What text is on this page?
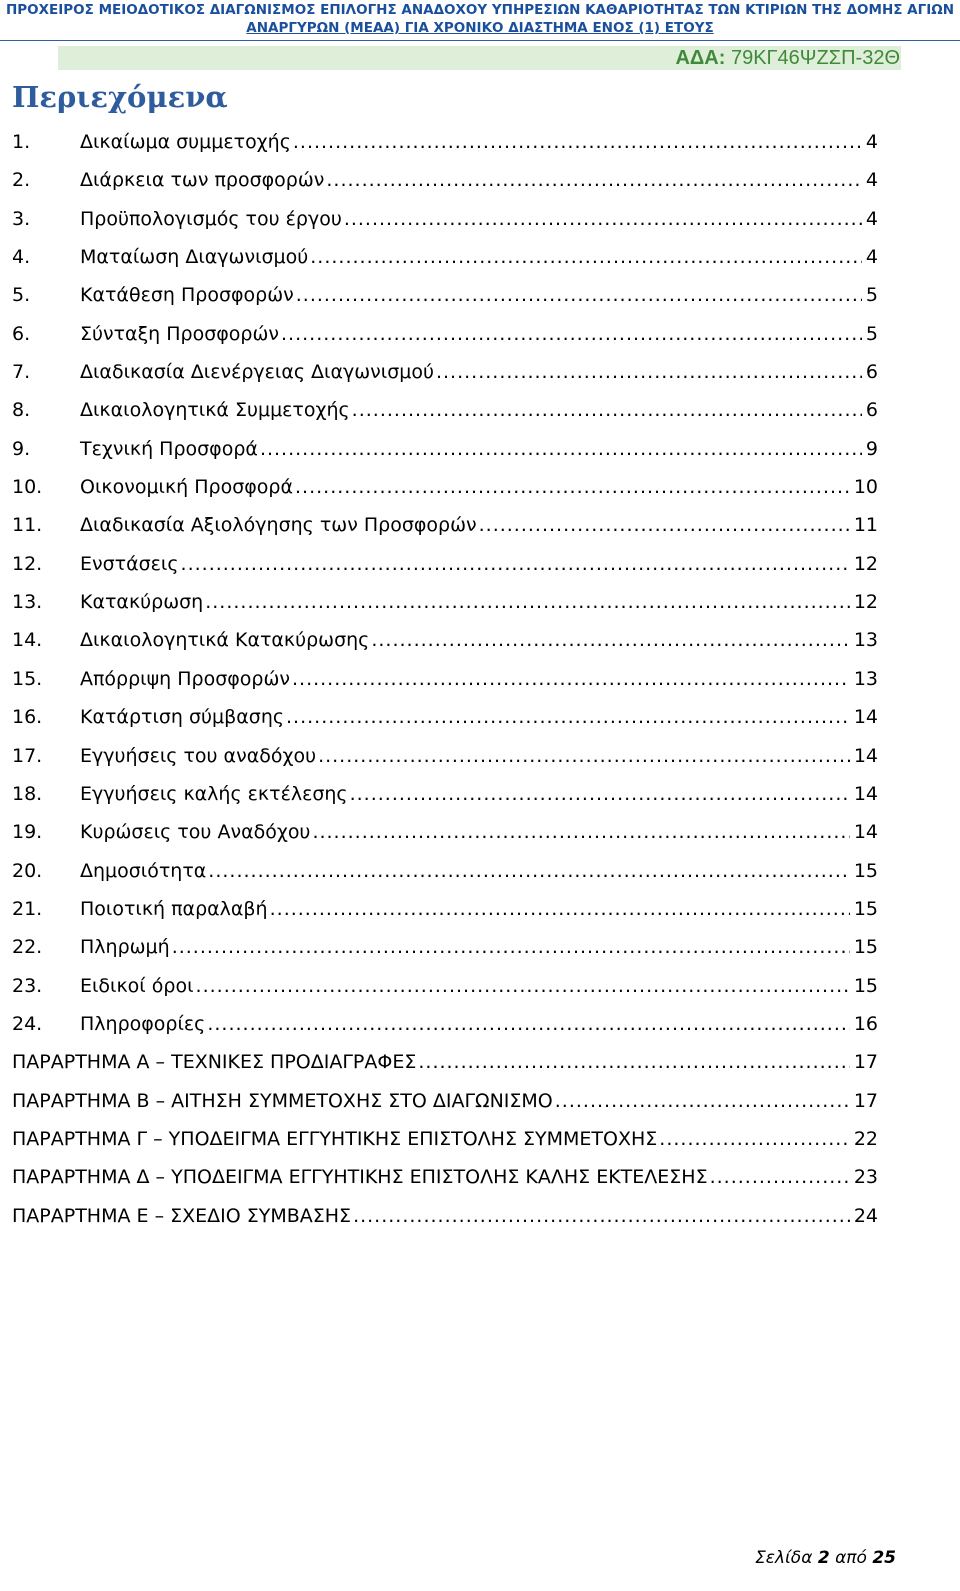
ΠΡΟΧΕΙΡΟΣ ΜΕΙΟΔΟΤΙΚΟΣ ΔΙΑΓΩΝΙΣΜΟΣ ΕΠΙΛΟΓΗΣ ΑΝΑΔΟΧΟΥ ΥΠΗΡΕΣΙΩΝ ΚΑΘΑΡΙΟΤΗΤΑΣ ΤΩΝ ΚΤΙΡΙΩΝ ΤΗΣ ΔΟΜΗΣ ΑΓΙΩΝ
ΑΝΑΡΓΥΡΩΝ (ΜΕΑΑ) ΓΙΑ ΧΡΟΝΙΚΟ ΔΙΑΣΤΗΜΑ ΕΝΟΣ (1) ΕΤΟΥΣ
ΑΔΑ: 79ΚΓ46ΨΖΣΠ-32Θ
Περιεχόμενα
1.	Δικαίωμα συμμετοχής .....	4
2.	Διάρκεια των προσφορών .....	4
3.	Προϋπολογισμός του έργου .....	4
4.	Ματαίωση Διαγωνισμού .....	4
5.	Κατάθεση Προσφορών .....	5
6.	Σύνταξη Προσφορών .....	5
7.	Διαδικασία Διενέργειας Διαγωνισμού .....	6
8.	Δικαιολογητικά Συμμετοχής .....	6
9.	Τεχνική Προσφορά .....	9
10.	Οικονομική Προσφορά .....	10
11.	Διαδικασία Αξιολόγησης των Προσφορών .....	11
12.	Ενστάσεις .....	12
13.	Κατακύρωση .....	12
14.	Δικαιολογητικά Κατακύρωσης .....	13
15.	Απόρριψη Προσφορών .....	13
16.	Κατάρτιση σύμβασης .....	14
17.	Εγγυήσεις του αναδόχου .....	14
18.	Εγγυήσεις καλής εκτέλεσης .....	14
19.	Κυρώσεις του Αναδόχου .....	14
20.	Δημοσιότητα .....	15
21.	Ποιοτική παραλαβή .....	15
22.	Πληρωμή .....	15
23.	Ειδικοί όροι .....	15
24.	Πληροφορίες .....	16
ΠΑΡΑΡΤΗΜΑ Α – ΤΕΧΝΙΚΕΣ ΠΡΟΔΙΑΓΡΑΦΕΣ .....	17
ΠΑΡΑΡΤΗΜΑ Β – ΑΙΤΗΣΗ ΣΥΜΜΕΤΟΧΗΣ ΣΤΟ ΔΙΑΓΩΝΙΣΜΟ .....	17
ΠΑΡΑΡΤΗΜΑ Γ – ΥΠΟΔΕΙΓΜΑ ΕΓΓΥΗΤΙΚΗΣ ΕΠΙΣΤΟΛΗΣ ΣΥΜΜΕΤΟΧΗΣ .....	22
ΠΑΡΑΡΤΗΜΑ Δ – ΥΠΟΔΕΙΓΜΑ ΕΓΓΥΗΤΙΚΗΣ ΕΠΙΣΤΟΛΗΣ ΚΑΛΗΣ ΕΚΤΕΛΕΣΗΣ .....	23
ΠΑΡΑΡΤΗΜΑ Ε – ΣΧΕΔΙΟ ΣΥΜΒΑΣΗΣ .....	24
Σελίδα 2 από 25
